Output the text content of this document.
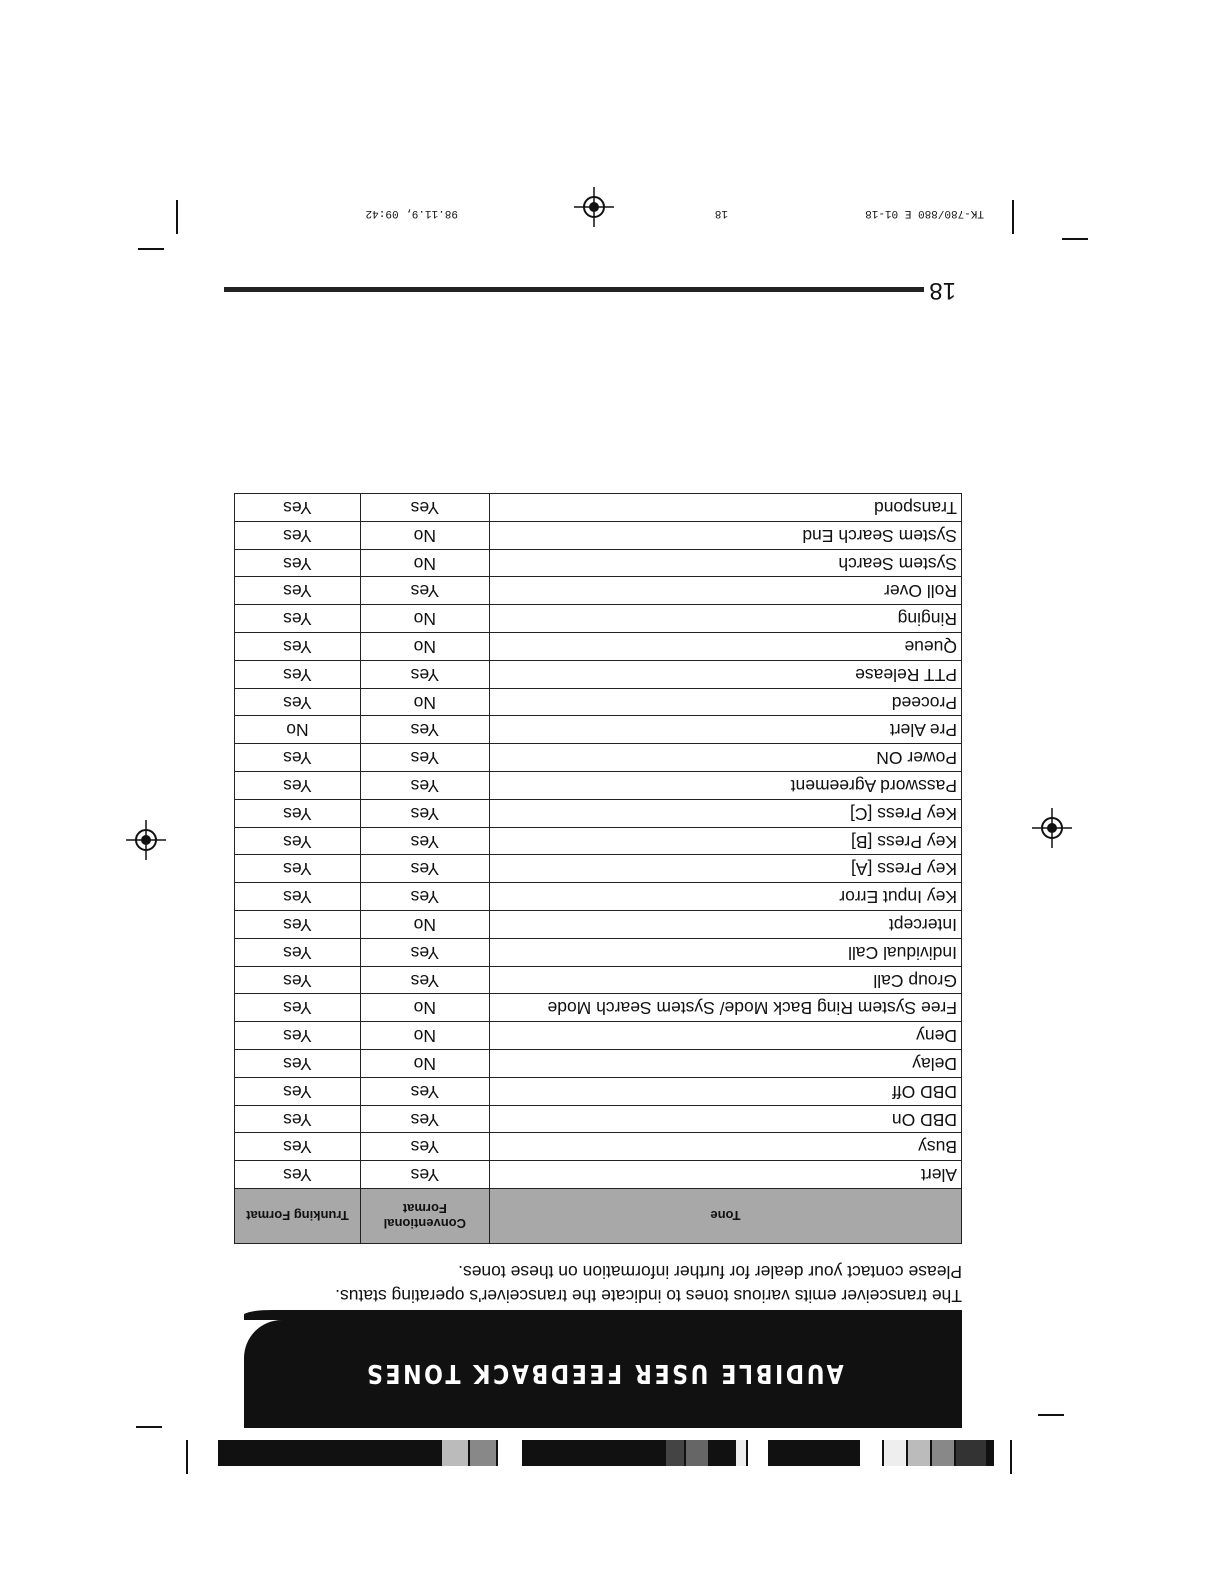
AUDIBLE USER FEEDBACK TONES
The transceiver emits various tones to indicate the transceiver's operating status.
Please contact your dealer for further information on these tones.
Tone	Conventional Format	Trunking Format
Alert	Yes	Yes
Busy	Yes	Yes
DBD On	Yes	Yes
DBD Off	Yes	Yes
Delay	No	Yes
Deny	No	Yes
Free System Ring Back Mode/ System Search Mode	No	Yes
Group Call	Yes	Yes
Individual Call	Yes	Yes
Intercept	No	Yes
Key Input Error	Yes	Yes
Key Press [A]	Yes	Yes
Key Press [B]	Yes	Yes
Key Press [C]	Yes	Yes
Password Agreement	Yes	Yes
Power ON	Yes	Yes
Pre Alert	Yes	No
Proceed	No	Yes
PTT Release	Yes	Yes
Queue	No	Yes
Ringing	No	Yes
Roll Over	Yes	Yes
System Search	No	Yes
System Search End	No	Yes
Transpond	Yes	Yes
18
TK-780/880 E 01-18
18
98.11.9, 09:42
